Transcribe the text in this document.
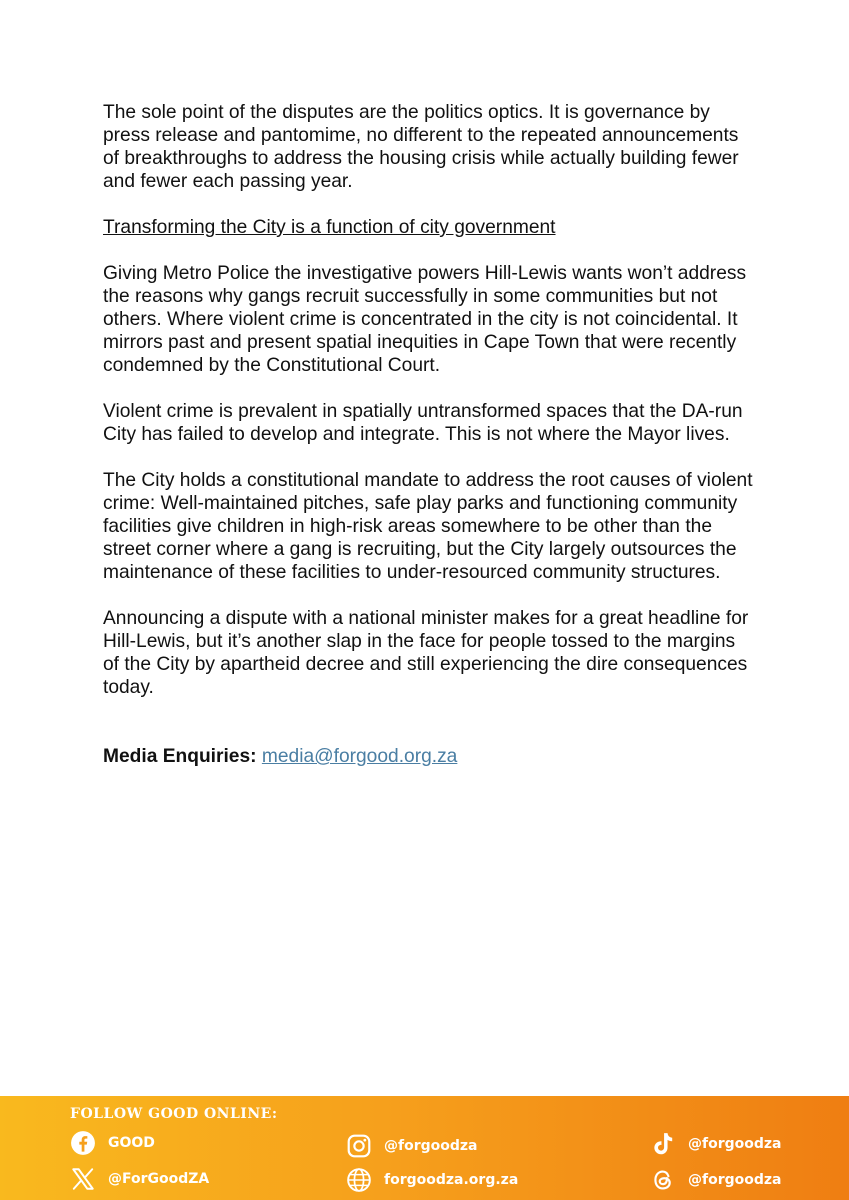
The sole point of the disputes are the politics optics. It is governance by press release and pantomime, no different to the repeated announcements of breakthroughs to address the housing crisis while actually building fewer and fewer each passing year.

Transforming the City is a function of city government

Giving Metro Police the investigative powers Hill-Lewis wants won’t address the reasons why gangs recruit successfully in some communities but not others. Where violent crime is concentrated in the city is not coincidental. It mirrors past and present spatial inequities in Cape Town that were recently condemned by the Constitutional Court.

Violent crime is prevalent in spatially untransformed spaces that the DA-run City has failed to develop and integrate. This is not where the Mayor lives.

The City holds a constitutional mandate to address the root causes of violent crime: Well-maintained pitches, safe play parks and functioning community facilities give children in high-risk areas somewhere to be other than the street corner where a gang is recruiting, but the City largely outsources the maintenance of these facilities to under-resourced community structures.

Announcing a dispute with a national minister makes for a great headline for Hill-Lewis, but it’s another slap in the face for people tossed to the margins of the City by apartheid decree and still experiencing the dire consequences today.

Media Enquiries: media@forgood.org.za

FOLLOW GOOD ONLINE:
GOOD
@ForGoodZA
@forgoodza
forgoodza.org.za
@forgoodza
@forgoodza
